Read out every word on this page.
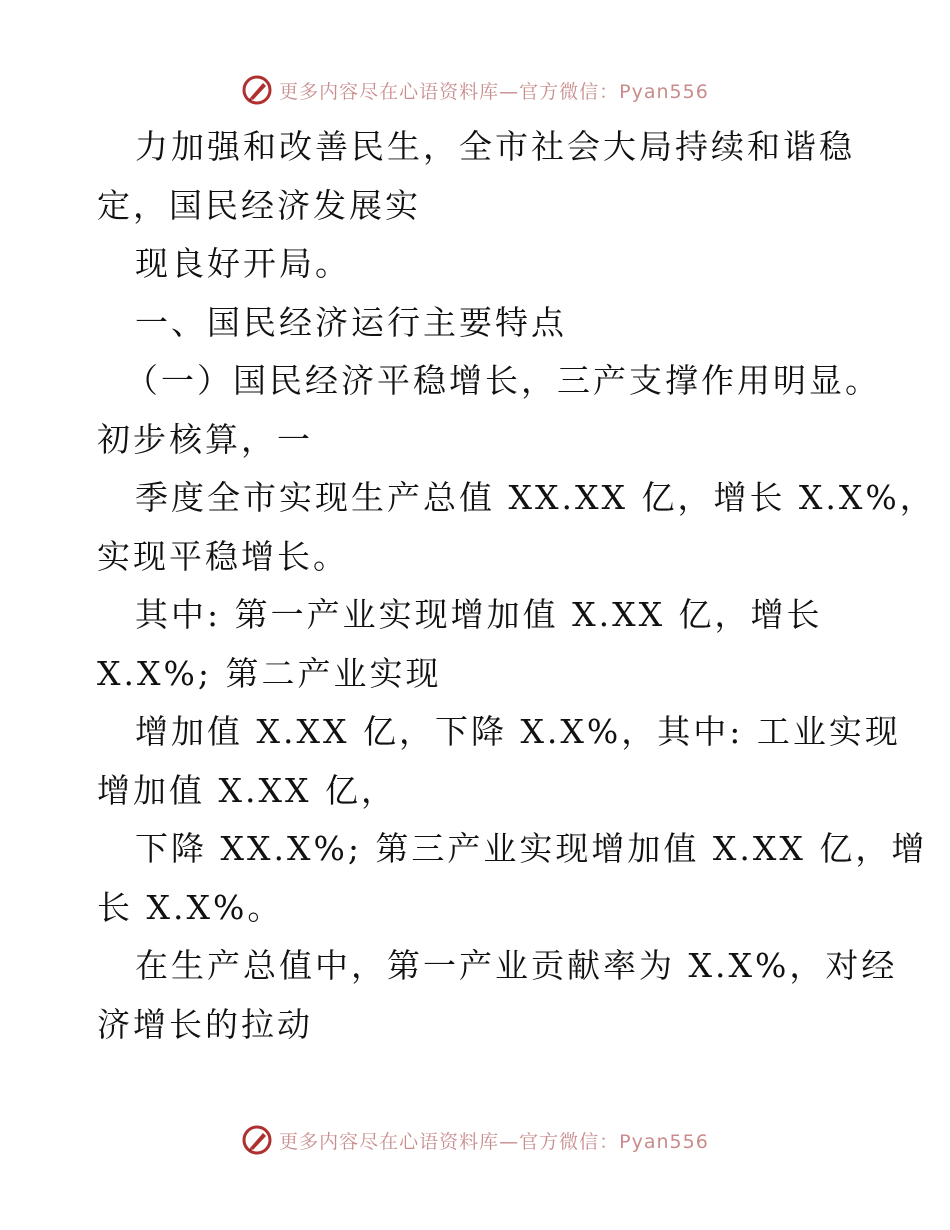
更多内容尽在心语资料库—官方微信：Pyan556

力加强和改善民生，全市社会大局持续和谐稳
定，国民经济发展实

现良好开局。

一、国民经济运行主要特点

（一）国民经济平稳增长，三产支撑作用明显。
初步核算，一

季度全市实现生产总值 XX.XX 亿，增长 X.X%，
实现平稳增长。

其中: 第一产业实现增加值 X.XX 亿，增长
X.X%; 第二产业实现

增加值 X.XX 亿，下降 X.X%，其中: 工业实现
增加值 X.XX 亿，

下降 XX.X%; 第三产业实现增加值 X.XX 亿，增
长 X.X%。

在生产总值中，第一产业贡献率为 X.X%，对经
济增长的拉动

更多内容尽在心语资料库—官方微信：Pyan556
